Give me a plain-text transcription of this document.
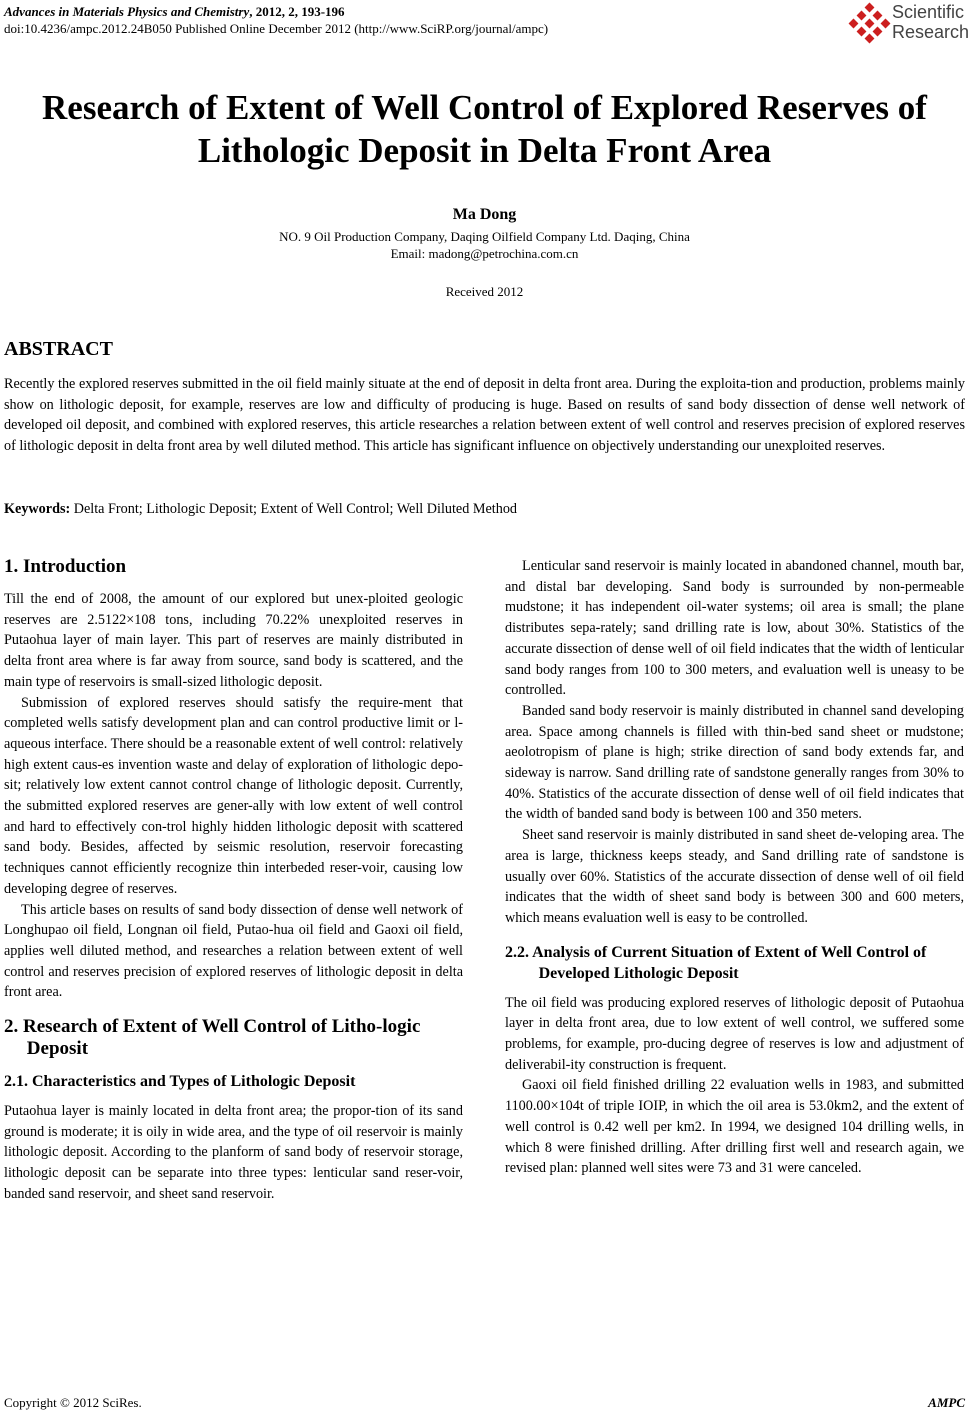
Advances in Materials Physics and Chemistry, 2012, 2, 193-196
doi:10.4236/ampc.2012.24B050 Published Online December 2012 (http://www.SciRP.org/journal/ampc)
Scientific
Research
Research of Extent of Well Control of Explored Reserves of
Lithologic Deposit in Delta Front Area
Ma Dong
NO. 9 Oil Production Company, Daqing Oilfield Company Ltd. Daqing, China
Email: madong@petrochina.com.cn
Received 2012
ABSTRACT

Recently the explored reserves submitted in the oil field mainly situate at the end of deposit in delta front area. During the exploita-tion and production, problems mainly show on lithologic deposit, for example, reserves are low and difficulty of producing is huge. Based on results of sand body dissection of dense well network of developed oil deposit, and combined with explored reserves, this article researches a relation between extent of well control and reserves precision of explored reserves of lithologic deposit in delta front area by well diluted method. This article has significant influence on objectively understanding our unexploited reserves.

Keywords: Delta Front; Lithologic Deposit; Extent of Well Control; Well Diluted Method
1. Introduction

Till the end of 2008, the amount of our explored but unex-ploited geologic reserves are 2.5122×108 tons, including 70.22% unexploited reserves in Putaohua layer of main layer. This part of reserves are mainly distributed in delta front area where is far away from source, sand body is scattered, and the main type of reservoirs is small-sized lithologic deposit.

Submission of explored reserves should satisfy the require-ment that completed wells satisfy development plan and can control productive limit or l-aqueous interface. There should be a reasonable extent of well control: relatively high extent caus-es invention waste and delay of exploration of lithologic depo-sit; relatively low extent cannot control change of lithologic deposit. Currently, the submitted explored reserves are gener-ally with low extent of well control and hard to effectively con-trol highly hidden lithologic deposit with scattered sand body. Besides, affected by seismic resolution, reservoir forecasting techniques cannot efficiently recognize thin interbeded reser-voir, causing low developing degree of reserves.

This article bases on results of sand body dissection of dense well network of Longhupao oil field, Longnan oil field, Putao-hua oil field and Gaoxi oil field, applies well diluted method, and researches a relation between extent of well control and reserves precision of explored reserves of lithologic deposit in delta front area.

2. Research of Extent of Well Control of Litho-logic Deposit
2.1. Characteristics and Types of Lithologic Deposit

Putaohua layer is mainly located in delta front area; the propor-tion of its sand ground is moderate; it is oily in wide area, and the type of oil reservoir is mainly lithologic deposit. According to the planform of sand body of reservoir storage, lithologic deposit can be separate into three types: lenticular sand reser-voir, banded sand reservoir, and sheet sand reservoir.

Lenticular sand reservoir is mainly located in abandoned channel, mouth bar, and distal bar developing. Sand body is surrounded by non-permeable mudstone; it has independent oil-water systems; oil area is small; the plane distributes sepa-rately; sand drilling rate is low, about 30%. Statistics of the accurate dissection of dense well of oil field indicates that the width of lenticular sand body ranges from 100 to 300 meters, and evaluation well is uneasy to be controlled.

Banded sand body reservoir is mainly distributed in channel sand developing area. Space among channels is filled with thin-bed sand sheet or mudstone; aeolotropism of plane is high; strike direction of sand body extends far, and sideway is narrow. Sand drilling rate of sandstone generally ranges from 30% to 40%. Statistics of the accurate dissection of dense well of oil field indicates that the width of banded sand body is between 100 and 350 meters.

Sheet sand reservoir is mainly distributed in sand sheet de-veloping area. The area is large, thickness keeps steady, and Sand drilling rate of sandstone is usually over 60%. Statistics of the accurate dissection of dense well of oil field indicates that the width of sheet sand body is between 300 and 600 meters, which means evaluation well is easy to be controlled.

2.2. Analysis of Current Situation of Extent of Well Control of Developed Lithologic Deposit

The oil field was producing explored reserves of lithologic deposit of Putaohua layer in delta front area, due to low extent of well control, we suffered some problems, for example, pro-ducing degree of reserves is low and adjustment of deliverabil-ity construction is frequent.

Gaoxi oil field finished drilling 22 evaluation wells in 1983, and submitted 1100.00×104t of triple IOIP, in which the oil area is 53.0km2, and the extent of well control is 0.42 well per km2. In 1994, we designed 104 drilling wells, in which 8 were finished drilling. After drilling first well and research again, we revised plan: planned well sites were 73 and 31 were canceled.

Copyright © 2012 SciRes.	AMPC
